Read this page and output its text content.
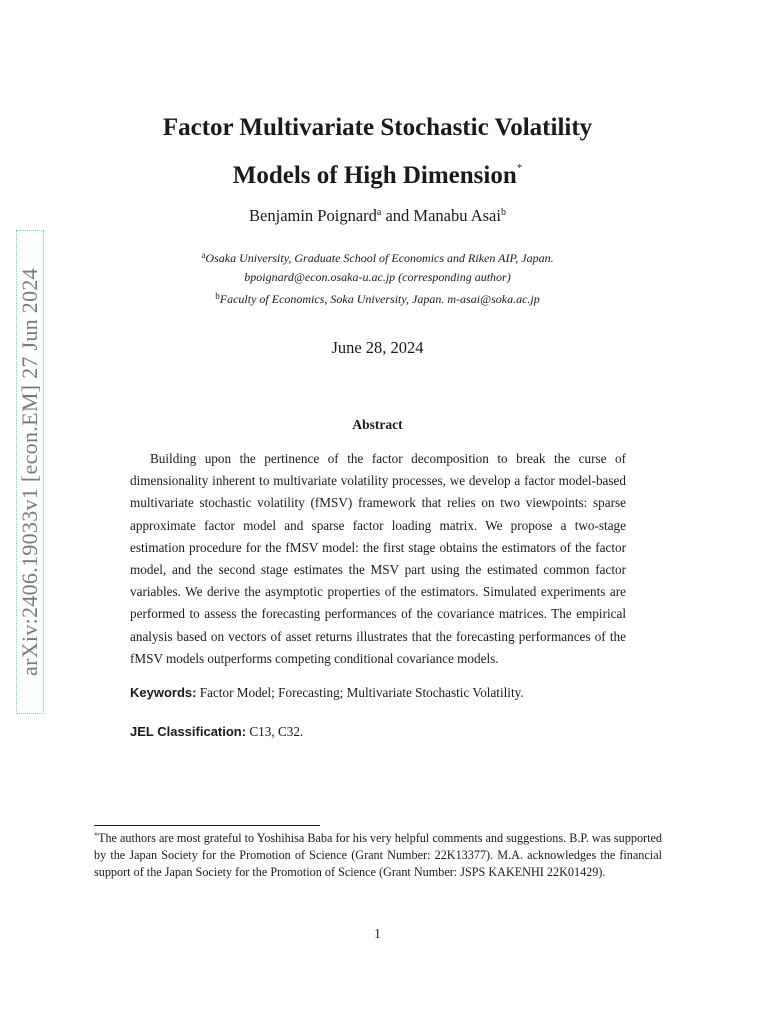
arXiv:2406.19033v1 [econ.EM] 27 Jun 2024
Factor Multivariate Stochastic Volatility
Models of High Dimension*
Benjamin Poignard$^a$ and Manabu Asai$^b$
$^a$Osaka University, Graduate School of Economics and Riken AIP, Japan.
bpoignard@econ.osaka-u.ac.jp (corresponding author)
$^b$Faculty of Economics, Soka University, Japan. m-asai@soka.ac.jp
June 28, 2024
Abstract

Building upon the pertinence of the factor decomposition to break the curse of dimensionality inherent to multivariate volatility processes, we develop a factor model-based multivariate stochastic volatility (fMSV) framework that relies on two viewpoints: sparse approximate factor model and sparse factor loading matrix. We propose a two-stage estimation procedure for the fMSV model: the first stage obtains the estimators of the factor model, and the second stage estimates the MSV part using the estimated common factor variables. We derive the asymptotic properties of the estimators. Simulated experiments are performed to assess the forecasting performances of the covariance matrices. The empirical analysis based on vectors of asset returns illustrates that the forecasting performances of the fMSV models outperforms competing conditional covariance models.

Keywords: Factor Model; Forecasting; Multivariate Stochastic Volatility.
JEL Classification: C13, C32.

*The authors are most grateful to Yoshihisa Baba for his very helpful comments and suggestions. B.P. was supported by the Japan Society for the Promotion of Science (Grant Number: 22K13377). M.A. acknowledges the financial support of the Japan Society for the Promotion of Science (Grant Number: JSPS KAKENHI 22K01429).

1
